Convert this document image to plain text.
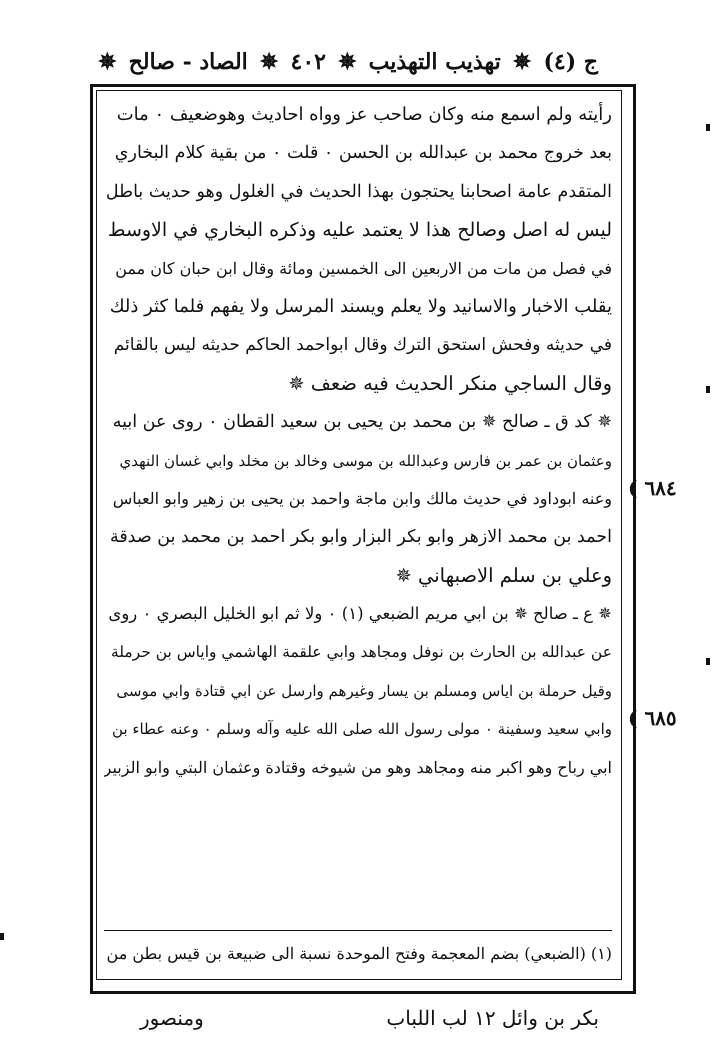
ج (٤)
✵
تهذيب التهذيب
✵
٤٠٢
✵
الصاد - صالح
✵
رأيته ولم اسمع منه وكان صاحب عز وواه احاديث وهوضعيف ٠ مات
بعد خروج محمد بن عبدالله بن الحسن ٠ قلت ٠ من بقية كلام البخاري
المتقدم عامة اصحابنا يحتجون بهذا الحديث في الغلول وهو حديث باطل
ليس له اصل وصالح هذا لا يعتمد عليه وذكره البخاري في الاوسط
في فصل من مات من الاربعين الى الخمسين ومائة وقال ابن حبان كان ممن
يقلب الاخبار والاسانيد ولا يعلم ويسند المرسل ولا يفهم فلما كثر ذلك
في حديثه وفحش استحق الترك وقال ابواحمد الحاكم حديثه ليس بالقائم
وقال الساجي منكر الحديث فيه ضعف ✵
✵ كد ق ـ صالح ✵ بن محمد بن يحيى بن سعيد القطان ٠ روى عن ابيه
وعثمان بن عمر بن فارس وعبدالله بن موسى وخالد بن مخلد وابي غسان النهدي
وعنه ابوداود في حديث مالك وابن ماجة واحمد بن يحيى بن زهير وابو العباس
احمد بن محمد الازهر وابو بكر البزار وابو بكر احمد بن محمد بن صدقة
وعلي بن سلم الاصبهاني ✵
✵ ع ـ صالح ✵ بن ابي مريم الضبعي (١) ٠ ولا ثم ابو الخليل البصري ٠ روى
عن عبدالله بن الحارث بن نوفل ومجاهد وابي علقمة الهاشمي واياس بن حرملة
وقيل حرملة بن اياس ومسلم بن يسار وغيرهم وارسل عن ابي قتادة وابي موسى
وابي سعيد وسفينة ٠ مولى رسول الله صلى الله عليه وآله وسلم ٠ وعنه عطاء بن
ابي رباح وهو اكبر منه ومجاهد وهو من شيوخه وقتادة وعثمان البتي وابو الزبير
( ٦٨٤
( ٦٨٥
(١) (الضبعي) بضم المعجمة وفتح الموحدة نسبة الى ضبيعة بن قيس بطن من
بكر بن وائل ١٢ لب اللباب
ومنصور
